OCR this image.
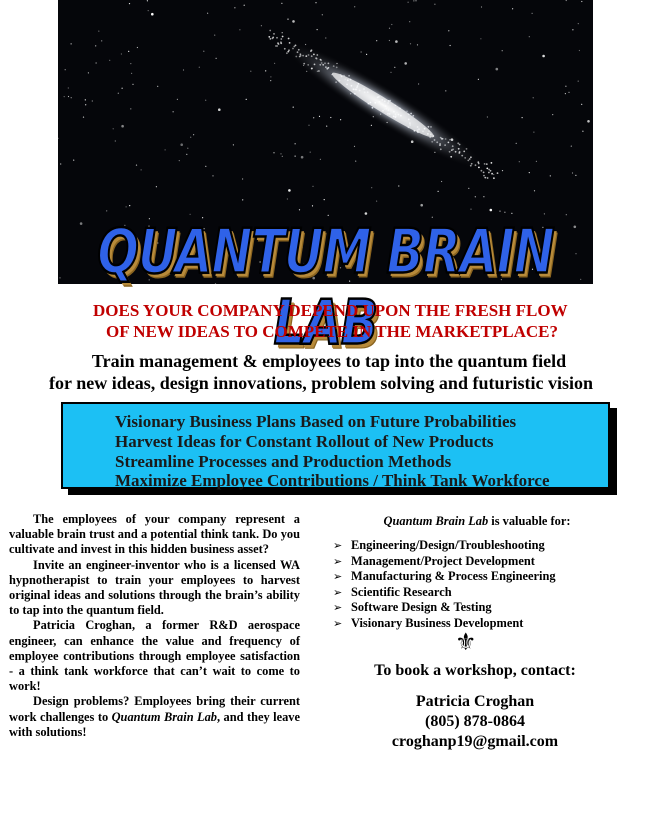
QUANTUM BRAIN LAB
DOES YOUR COMPANY DEPEND UPON THE FRESH FLOW
OF NEW IDEAS TO COMPETE IN THE MARKETPLACE?
Train management & employees to tap into the quantum field
for new ideas, design innovations, problem solving and futuristic vision
Visionary Business Plans Based on Future Probabilities
Harvest Ideas for Constant Rollout of New Products
Streamline Processes and Production Methods
Maximize Employee Contributions / Think Tank Workforce

The employees of your company represent a valuable brain trust and a potential think tank. Do you cultivate and invest in this hidden business asset?

Invite an engineer-inventor who is a licensed WA hypnotherapist to train your employees to harvest original ideas and solutions through the brain’s ability to tap into the quantum field.

Patricia Croghan, a former R&D aerospace engineer, can enhance the value and frequency of employee contributions through employee satisfaction - a think tank workforce that can’t wait to come to work!

Design problems? Employees bring their current work challenges to Quantum Brain Lab, and they leave with solutions!

Quantum Brain Lab is valuable for:
➢ Engineering/Design/Troubleshooting
➢ Management/Project Development
➢ Manufacturing & Process Engineering
➢ Scientific Research
➢ Software Design & Testing
➢ Visionary Business Development
⚜
To book a workshop, contact:
Patricia Croghan
(805) 878-0864
croghanp19@gmail.com
